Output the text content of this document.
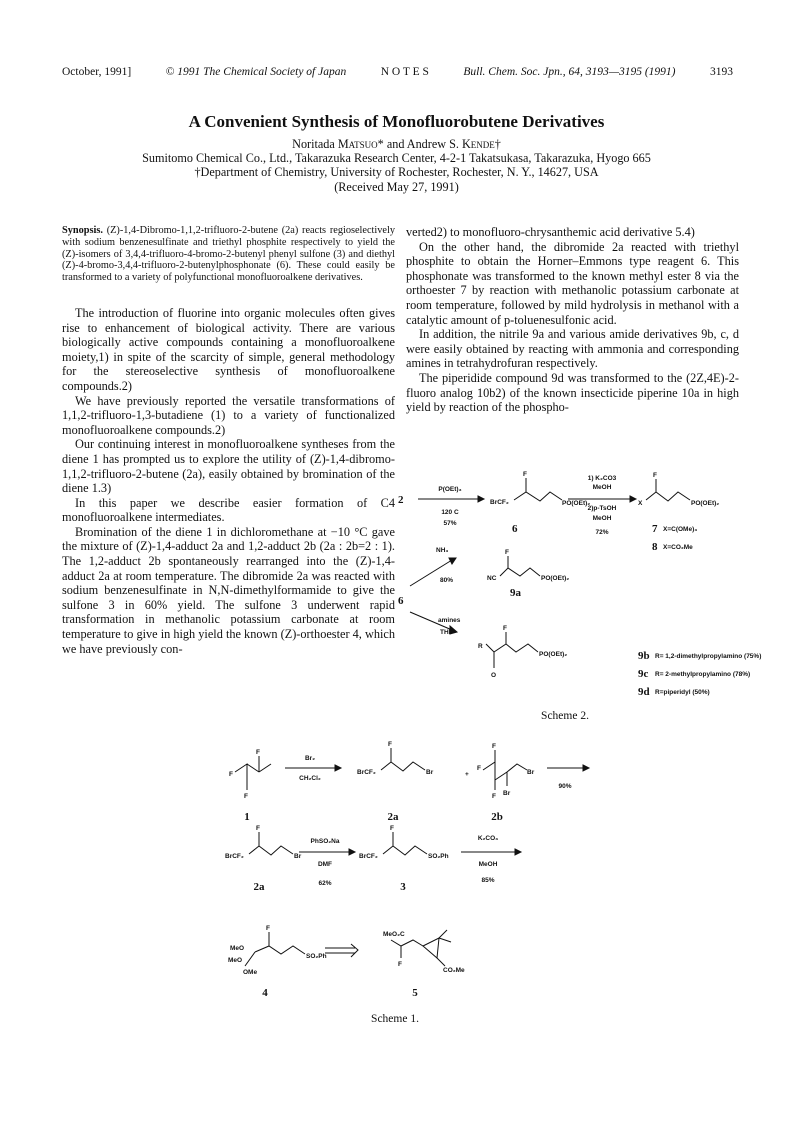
October, 1991]	© 1991 The Chemical Society of Japan	N O T E S	Bull. Chem. Soc. Jpn., 64, 3193—3195 (1991)	3193
A Convenient Synthesis of Monofluorobutene Derivatives
Noritada Matsuo* and Andrew S. Kende†
Sumitomo Chemical Co., Ltd., Takarazuka Research Center, 4-2-1 Takatsukasa, Takarazuka, Hyogo 665
†Department of Chemistry, University of Rochester, Rochester, N. Y., 14627, USA
(Received May 27, 1991)
Synopsis. (Z)-1,4-Dibromo-1,1,2-trifluoro-2-butene (2a) reacts regioselectively with sodium benzenesulfinate and triethyl phosphite respectively to yield the (Z)-isomers of 3,4,4-trifluoro-4-bromo-2-butenyl phenyl sulfone (3) and diethyl (Z)-4-bromo-3,4,4-trifluoro-2-butenylphosphonate (6). These could easily be transformed to a variety of polyfunctional monofluoroalkene derivatives.

The introduction of fluorine into organic molecules often gives rise to enhancement of biological activity. There are various biologically active compounds containing a monofluoroalkene moiety,1) in spite of the scarcity of simple, general methodology for the stereoselective synthesis of monofluoroalkene compounds.2)

We have previously reported the versatile transformations of 1,1,2-trifluoro-1,3-butadiene (1) to a variety of functionalized monofluoroalkene compounds.2)

Our continuing interest in monofluoroalkene syntheses from the diene 1 has prompted us to explore the utility of (Z)-1,4-dibromo-1,1,2-trifluoro-2-butene (2a), easily obtained by bromination of the diene 1.3)

In this paper we describe easier formation of C4 monofluoroalkene intermediates.

Bromination of the diene 1 in dichloromethane at −10 °C gave the mixture of (Z)-1,4-adduct 2a and 1,2-adduct 2b (2a : 2b=2 : 1). The 1,2-adduct 2b spontaneously rearranged into the (Z)-1,4-adduct 2a at room temperature. The dibromide 2a was reacted with sodium benzenesulfinate in N,N-dimethylformamide to give the sulfone 3 in 60% yield. The sulfone 3 underwent rapid transformation in methanolic potassium carbonate at room temperature to give in high yield the known (Z)-orthoester 4, which we have previously con-

verted2) to monofluoro-chrysanthemic acid derivative 5.4)

On the other hand, the dibromide 2a reacted with triethyl phosphite to obtain the Horner–Emmons type reagent 6. This phosphonate was transformed to the known methyl ester 8 via the orthoester 7 by reaction with methanolic potassium carbonate at room temperature, followed by mild hydrolysis in methanol with a catalytic amount of p-toluenesulfonic acid.

In addition, the nitrile 9a and various amide derivatives 9b, c, d were easily obtained by reacting with ammonia and corresponding amines in tetrahydrofuran respectively.

The piperidide compound 9d was transformed to the (2Z,4E)-2-fluoro analog 10b2) of the known insecticide piperine 10a in high yield by reaction of the phospho-

P(OEt)₃
120 C
57%
BrCF₂
F
PO(OEt)₂
1) K₂CO3
MeOH
2)p-TsOH
MeOH
72%
X
F
PO(OEt)₂
X=C(OMe)₃
X=CO₂Me
NH₃
80%	NC
F
PO(OEt)₂
amines
THF
R
O
F
PO(OEt)₂	R= 1,2-dimethylpropylamino (75%)
R= 2-methylpropylamino (78%)
R=piperidyl (50%)
2
6	7
8
6
9a
9b
9c
9d
Scheme 2.
F
F
F
Br₂
CH₂Cl₂
BrCF₂
F
Br	+
F
F
F Br
Br
90%
BrCF₂
F
Br
PhSO₂Na
DMF
62%
BrCF₂
F
SO₂Ph
K₂CO₃
MeOH
85%
MeO
MeO
OMe
F
SO₂Ph
MeO₂C
F
CO₂Me
1	2a	2b
2a	3
4	5
Scheme 1.
